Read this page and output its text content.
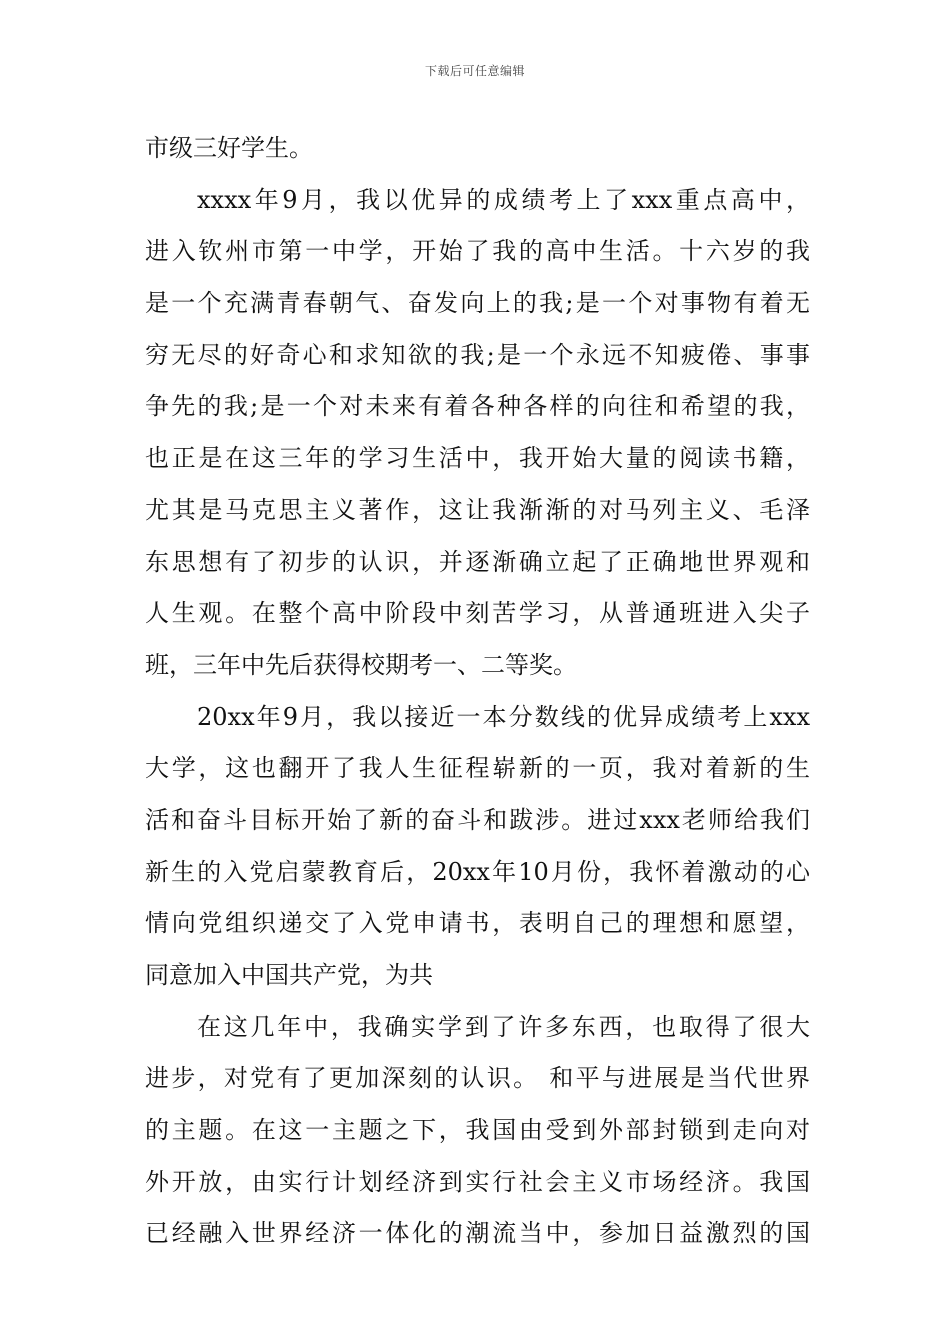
下载后可任意编辑
市级三好学生。
xxxx年9月，我以优异的成绩考上了xxx重点高中，
进入钦州市第一中学，开始了我的高中生活。十六岁的我
是一个充满青春朝气、奋发向上的我;是一个对事物有着无
穷无尽的好奇心和求知欲的我;是一个永远不知疲倦、事事
争先的我;是一个对未来有着各种各样的向往和希望的我，
也正是在这三年的学习生活中，我开始大量的阅读书籍，
尤其是马克思主义著作，这让我渐渐的对马列主义、毛泽
东思想有了初步的认识，并逐渐确立起了正确地世界观和
人生观。在整个高中阶段中刻苦学习，从普通班进入尖子
班，三年中先后获得校期考一、二等奖。
20xx年9月，我以接近一本分数线的优异成绩考上xxx
大学，这也翻开了我人生征程崭新的一页，我对着新的生
活和奋斗目标开始了新的奋斗和跋涉。进过xxx老师给我们
新生的入党启蒙教育后，20xx年10月份，我怀着激动的心
情向党组织递交了入党申请书，表明自己的理想和愿望，
同意加入中国共产党，为共
在这几年中，我确实学到了许多东西，也取得了很大
进步，对党有了更加深刻的认识。 和平与进展是当代世界
的主题。在这一主题之下，我国由受到外部封锁到走向对
外开放，由实行计划经济到实行社会主义市场经济。我国
已经融入世界经济一体化的潮流当中，参加日益激烈的国
